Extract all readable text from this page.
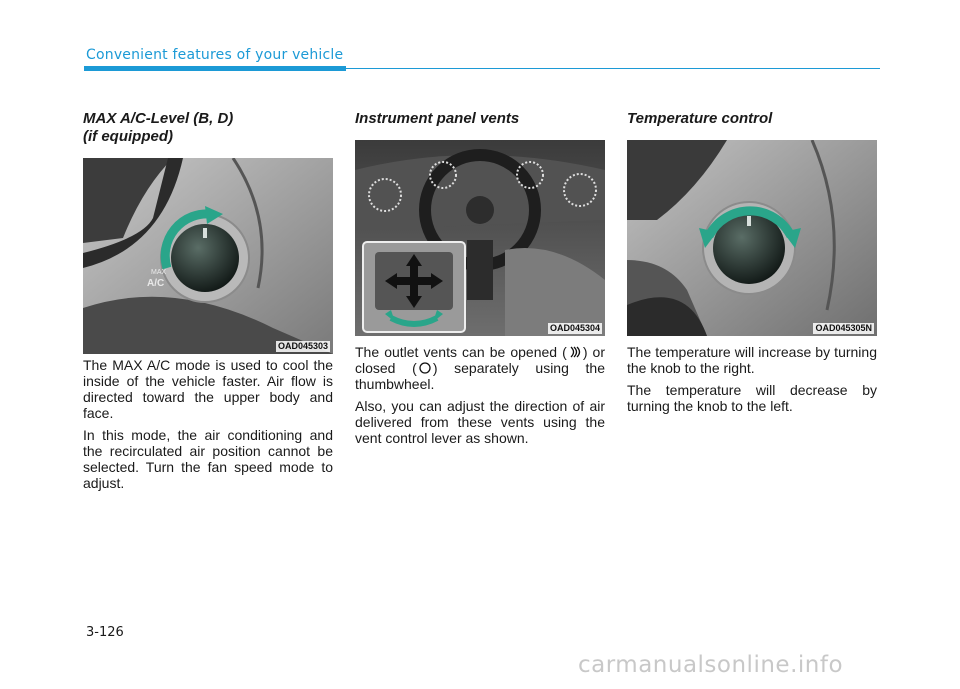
Convenient features of your vehicle
MAX A/C-Level (B, D)
(if equipped)
MAX
A/C
OAD045303

The MAX A/C mode is used to cool the inside of the vehicle faster. Air flow is directed toward the upper body and face.

In this mode, the air conditioning and the recirculated air position cannot be selected. Turn the fan speed mode to adjust.

Instrument panel vents
OAD045304

The outlet vents can be opened ( ) or closed ( ) separately using the thumbwheel.

Also, you can adjust the direction of air delivered from these vents using the vent control lever as shown.

Temperature control
OAD045305N

The temperature will increase by turning the knob to the right.

The temperature will decrease by turning the knob to the left.

3-126
carmanualsonline.info
